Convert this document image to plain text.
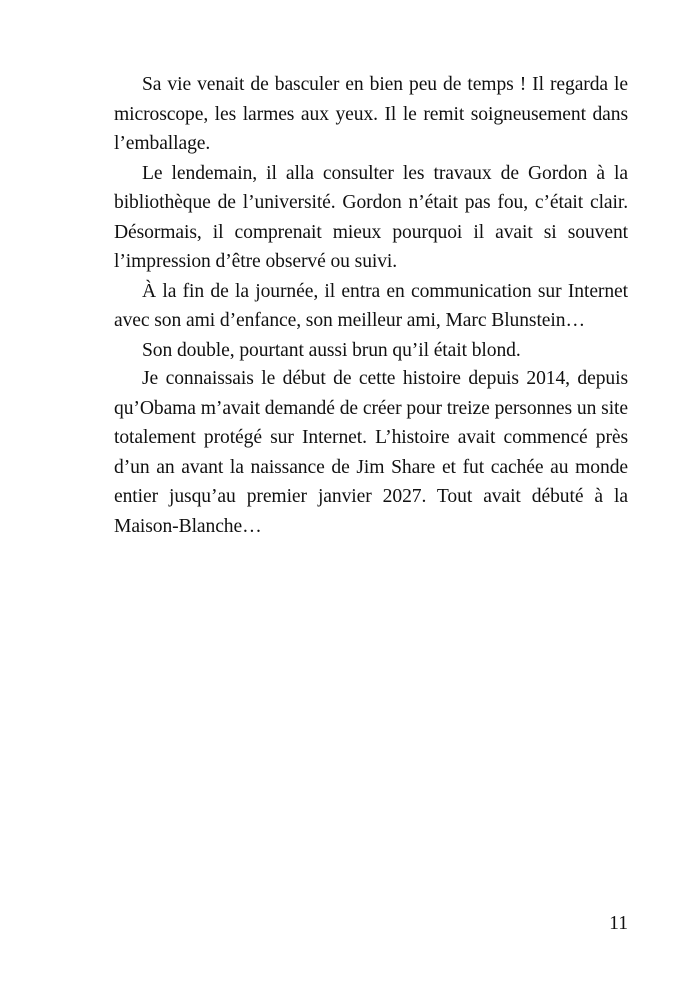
Sa vie venait de basculer en bien peu de temps ! Il regarda le microscope, les larmes aux yeux. Il le remit soigneusement dans l’emballage.

Le lendemain, il alla consulter les travaux de Gordon à la bibliothèque de l’université. Gordon n’était pas fou, c’était clair. Désormais, il comprenait mieux pourquoi il avait si souvent l’impression d’être observé ou suivi.

À la fin de la journée, il entra en communication sur Internet avec son ami d’enfance, son meilleur ami, Marc Blunstein…

Son double, pourtant aussi brun qu’il était blond.

Je connaissais le début de cette histoire depuis 2014, depuis qu’Obama m’avait demandé de créer pour treize personnes un site totalement protégé sur Internet. L’histoire avait commencé près d’un an avant la naissance de Jim Share et fut cachée au monde entier jusqu’au premier janvier 2027. Tout avait débuté à la Maison-Blanche…

11
